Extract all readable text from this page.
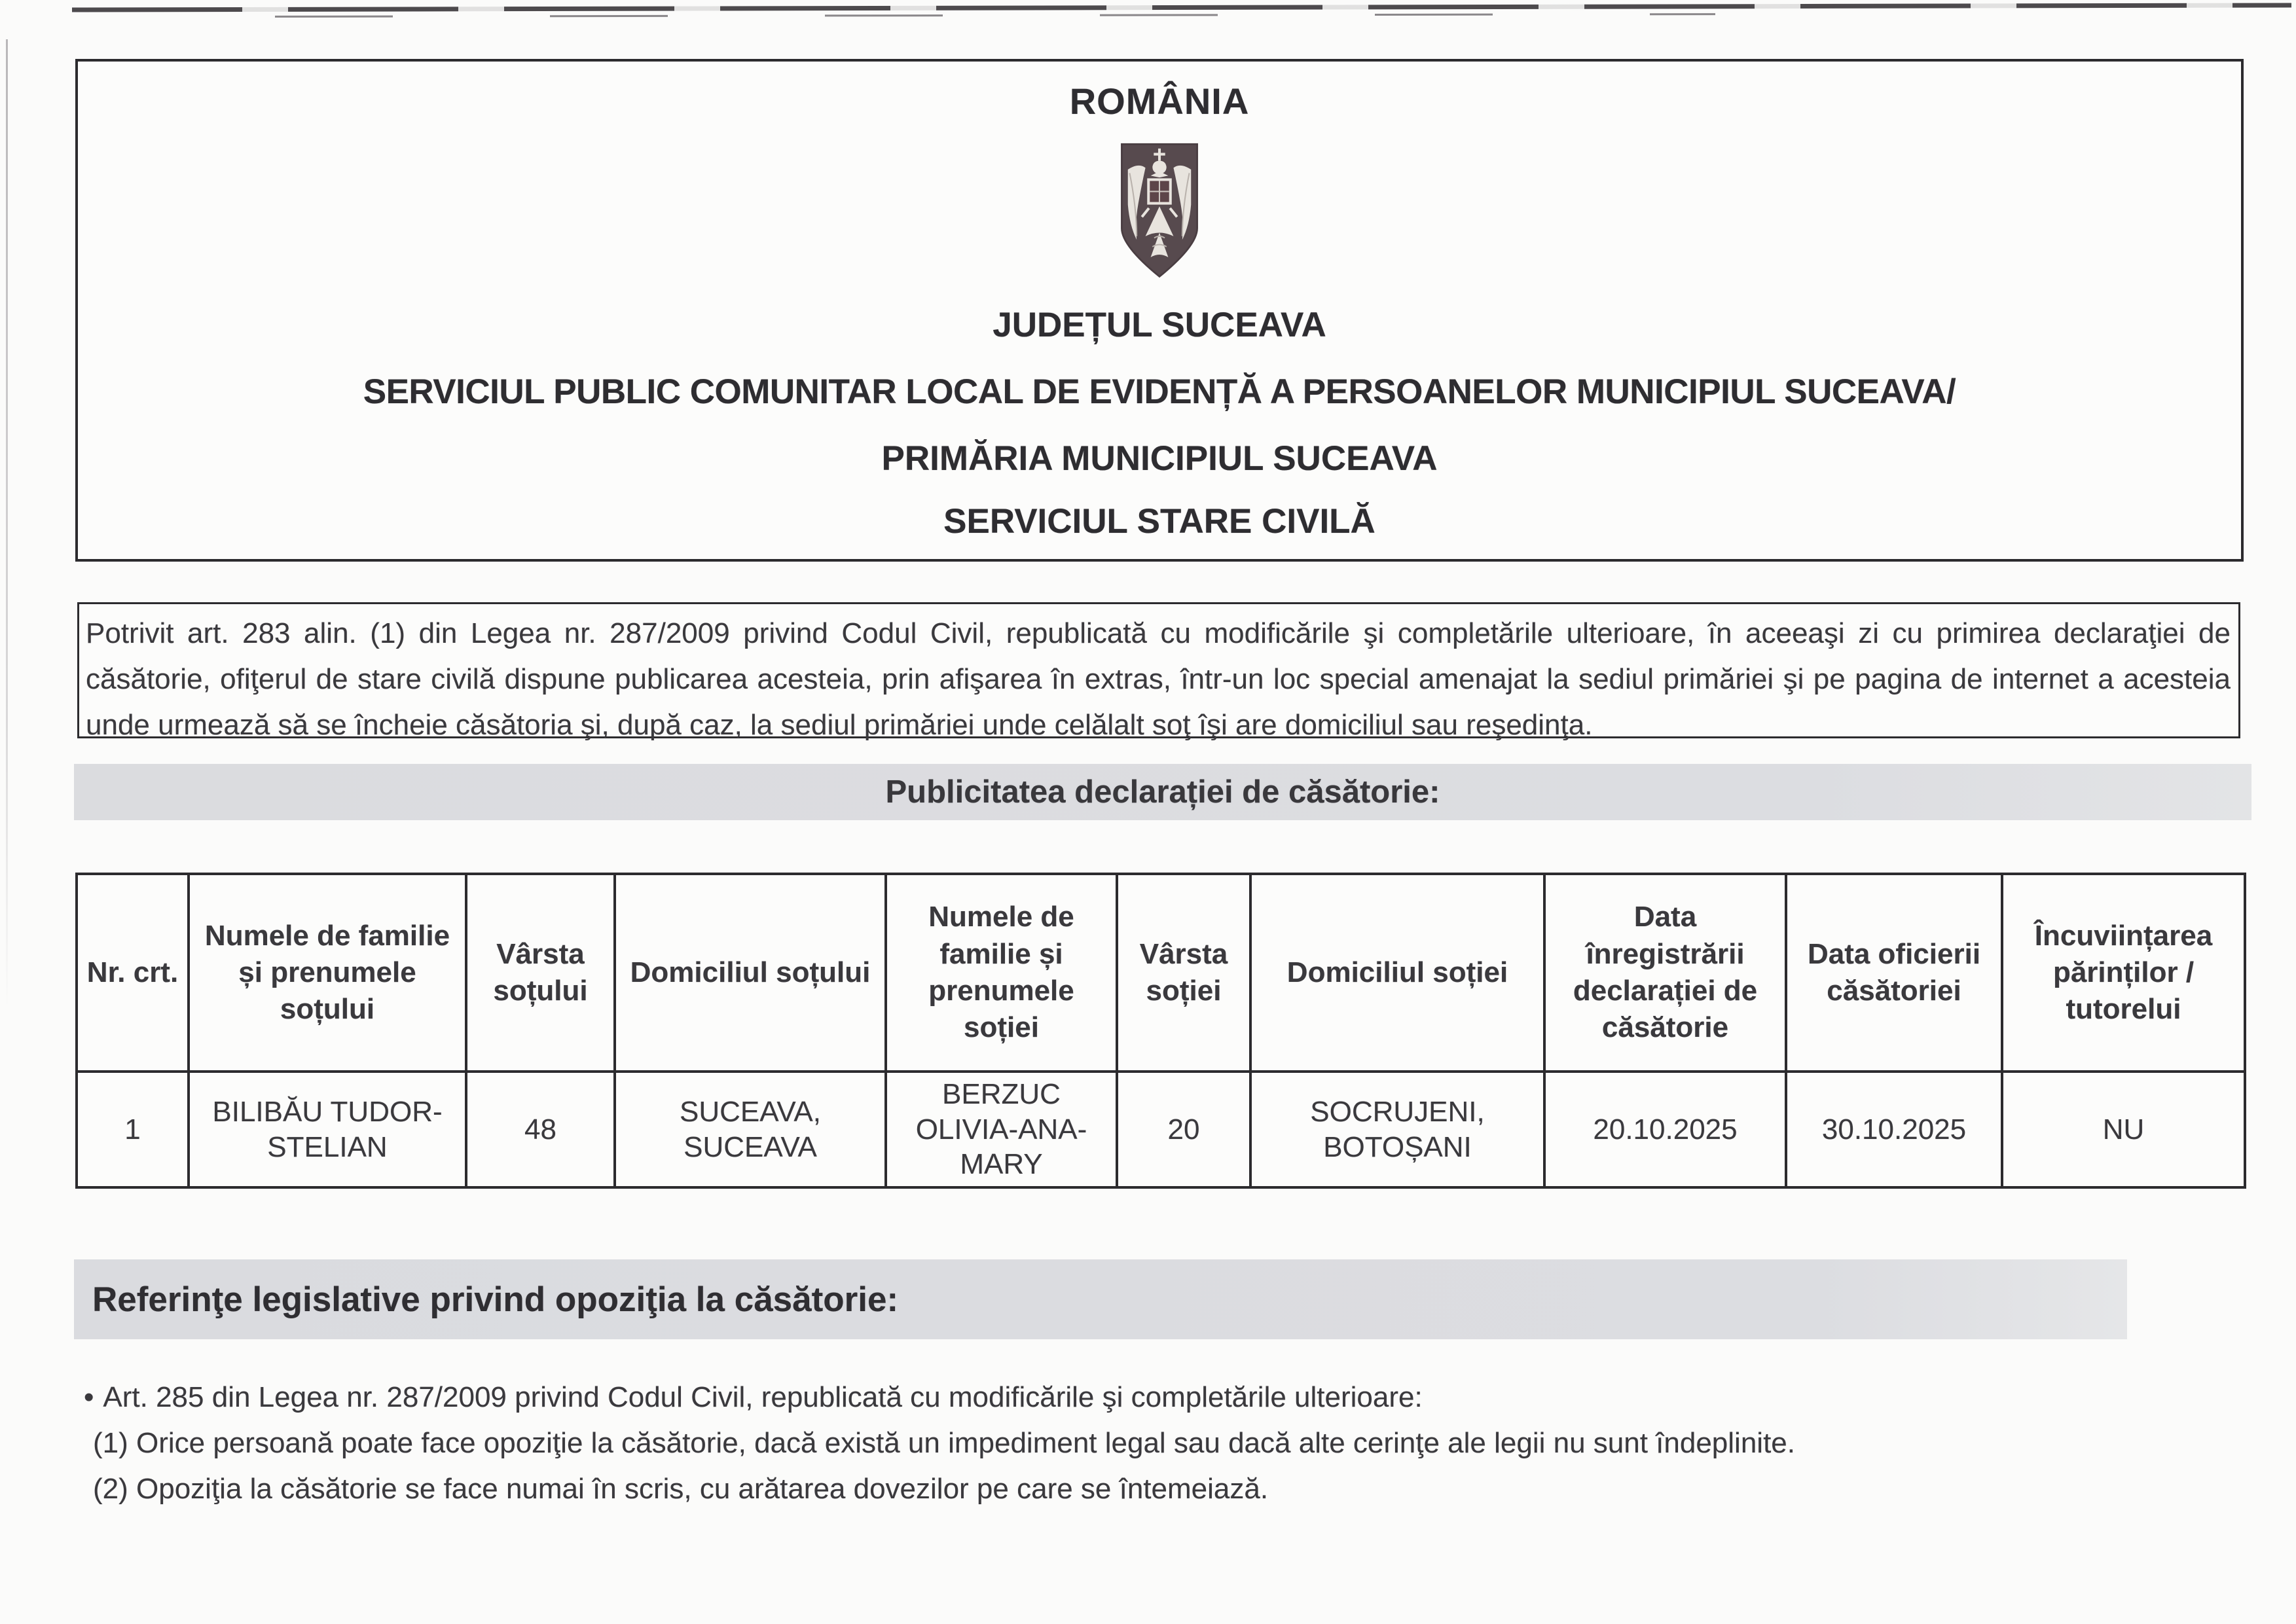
ROMÂNIA
JUDEȚUL SUCEAVA
SERVICIUL PUBLIC COMUNITAR LOCAL DE EVIDENȚĂ A PERSOANELOR MUNICIPIUL SUCEAVA/
PRIMĂRIA MUNICIPIUL SUCEAVA
SERVICIUL STARE CIVILĂ
Potrivit art. 283 alin. (1) din Legea nr. 287/2009 privind Codul Civil, republicată cu modificările şi completările ulterioare, în aceeaşi zi cu primirea declaraţiei de căsătorie, ofiţerul de stare civilă dispune publicarea acesteia, prin afişarea în extras, într-un loc special amenajat la sediul primăriei şi pe pagina de internet a acesteia unde urmează să se încheie căsătoria şi, după caz, la sediul primăriei unde celălalt soţ îşi are domiciliul sau reşedinţa.
Publicitatea declarației de căsătorie:
Nr. crt.	Numele de familie și prenumele soțului	Vârsta soțului	Domiciliul soțului	Numele de familie și prenumele soției	Vârsta soției	Domiciliul soției	Data înregistrării declarației de căsătorie	Data oficierii căsătoriei	Încuviințarea părinților / tutorelui
1	BILIBĂU TUDOR-STELIAN	48	SUCEAVA, SUCEAVA	BERZUC OLIVIA-ANA-MARY	20	SOCRUJENI, BOTOȘANI	20.10.2025	30.10.2025	NU
Referinţe legislative privind opoziţia la căsătorie:
• Art. 285 din Legea nr. 287/2009 privind Codul Civil, republicată cu modificările şi completările ulterioare:
(1) Orice persoană poate face opoziţie la căsătorie, dacă există un impediment legal sau dacă alte cerinţe ale legii nu sunt îndeplinite.
(2) Opoziţia la căsătorie se face numai în scris, cu arătarea dovezilor pe care se întemeiază.
